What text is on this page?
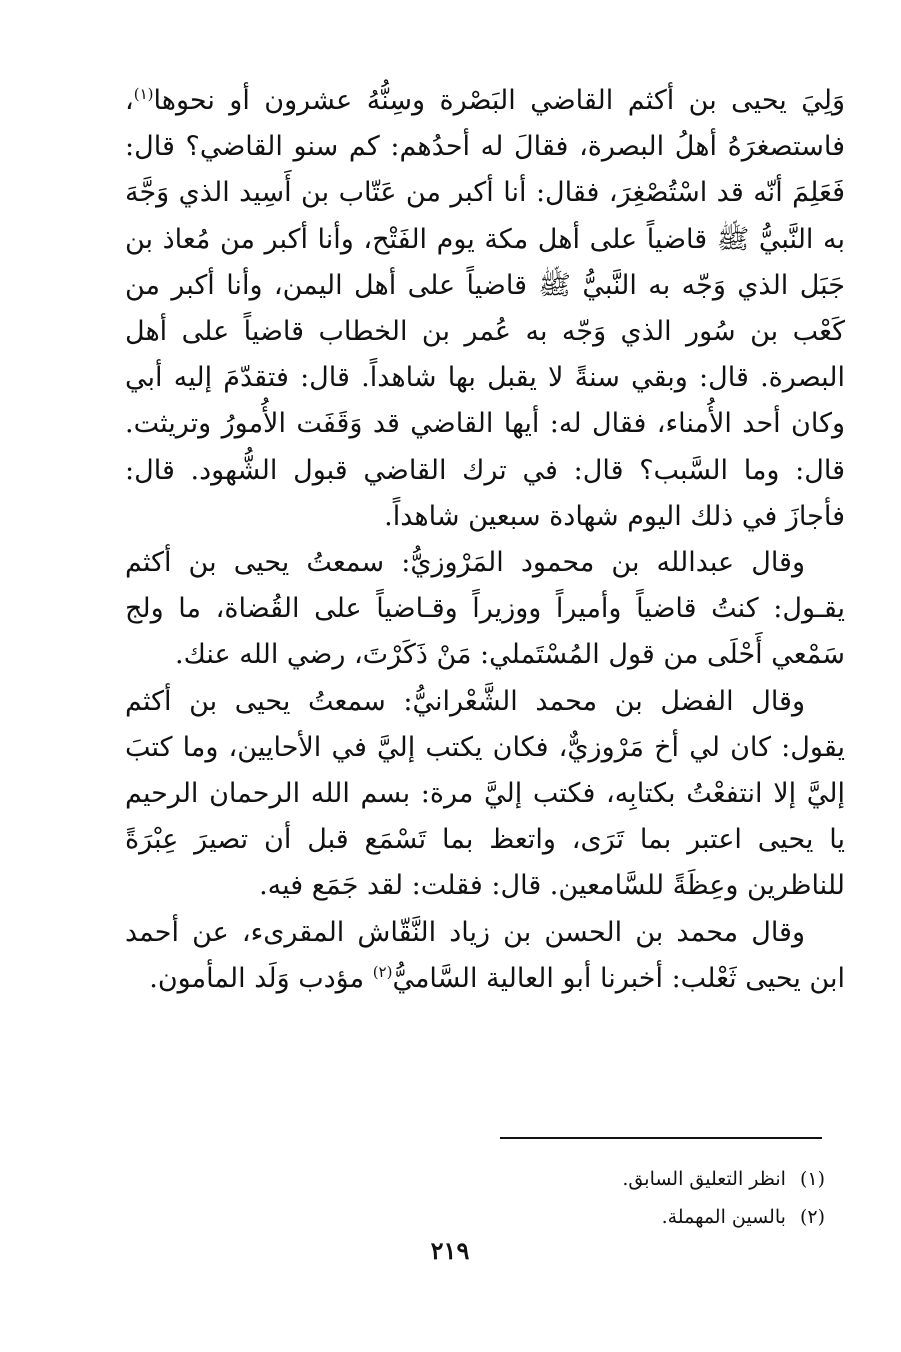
وَلِيَ يحيى بن أكثم القاضي البَصْرة وسِنُّهُ عشرون أو نحوها$^{(١)}$، فاستصغرَهُ أهلُ البصرة، فقالَ له أحدُهم: كم سنو القاضي؟ قال: فَعَلِمَ أنّه قد اسْتُصْغِرَ، فقال: أنا أكبر من عَتّاب بن أَسِيد الذي وَجَّهَ به النَّبيُّ ﷺ قاضياً على أهل مكة يوم الفَتْح، وأنا أكبر من مُعاذ بن جَبَل الذي وَجّه به النَّبيُّ ﷺ قاضياً على أهل اليمن، وأنا أكبر من كَعْب بن سُور الذي وَجّه به عُمر بن الخطاب قاضياً على أهل البصرة. قال: وبقي سنةً لا يقبل بها شاهداً. قال: فتقدّمَ إليه أبي وكان أحد الأُمناء، فقال له: أيها القاضي قد وَقَفَت الأُمورُ وتريثت. قال: وما السَّبب؟ قال: في ترك القاضي قبول الشُّهود. قال: فأجازَ في ذلك اليوم شهادة سبعين شاهداً.

وقال عبدالله بن محمود المَرْوزيُّ: سمعتُ يحيى بن أكثم يقـول: كنتُ قاضياً وأميراً ووزيراً وقـاضياً على القُضاة، ما ولج سَمْعي أَحْلَى من قول المُسْتَملي: مَنْ ذَكَرْتَ، رضي الله عنك.

وقال الفضل بن محمد الشَّعْرانيُّ: سمعتُ يحيى بن أكثم يقول: كان لي أخ مَرْوزيٌّ، فكان يكتب إليَّ في الأحايين، وما كتبَ إليَّ إلا انتفعْتُ بكتابِه، فكتب إليَّ مرة: بسم الله الرحمان الرحيم يا يحيى اعتبر بما تَرَى، واتعظ بما تَسْمَع قبل أن تصيرَ عِبْرَةً للناظرين وعِظَةً للسَّامعين. قال: فقلت: لقد جَمَع فيه.

وقال محمد بن الحسن بن زياد النَّقّاش المقرىء، عن أحمد ابن يحيى ثَعْلب: أخبرنا أبو العالية السَّاميُّ$^{(٢)}$ مؤدب وَلَد المأمون.

(١)انظر التعليق السابق.

(٢)بالسين المهملة.

٢١٩
